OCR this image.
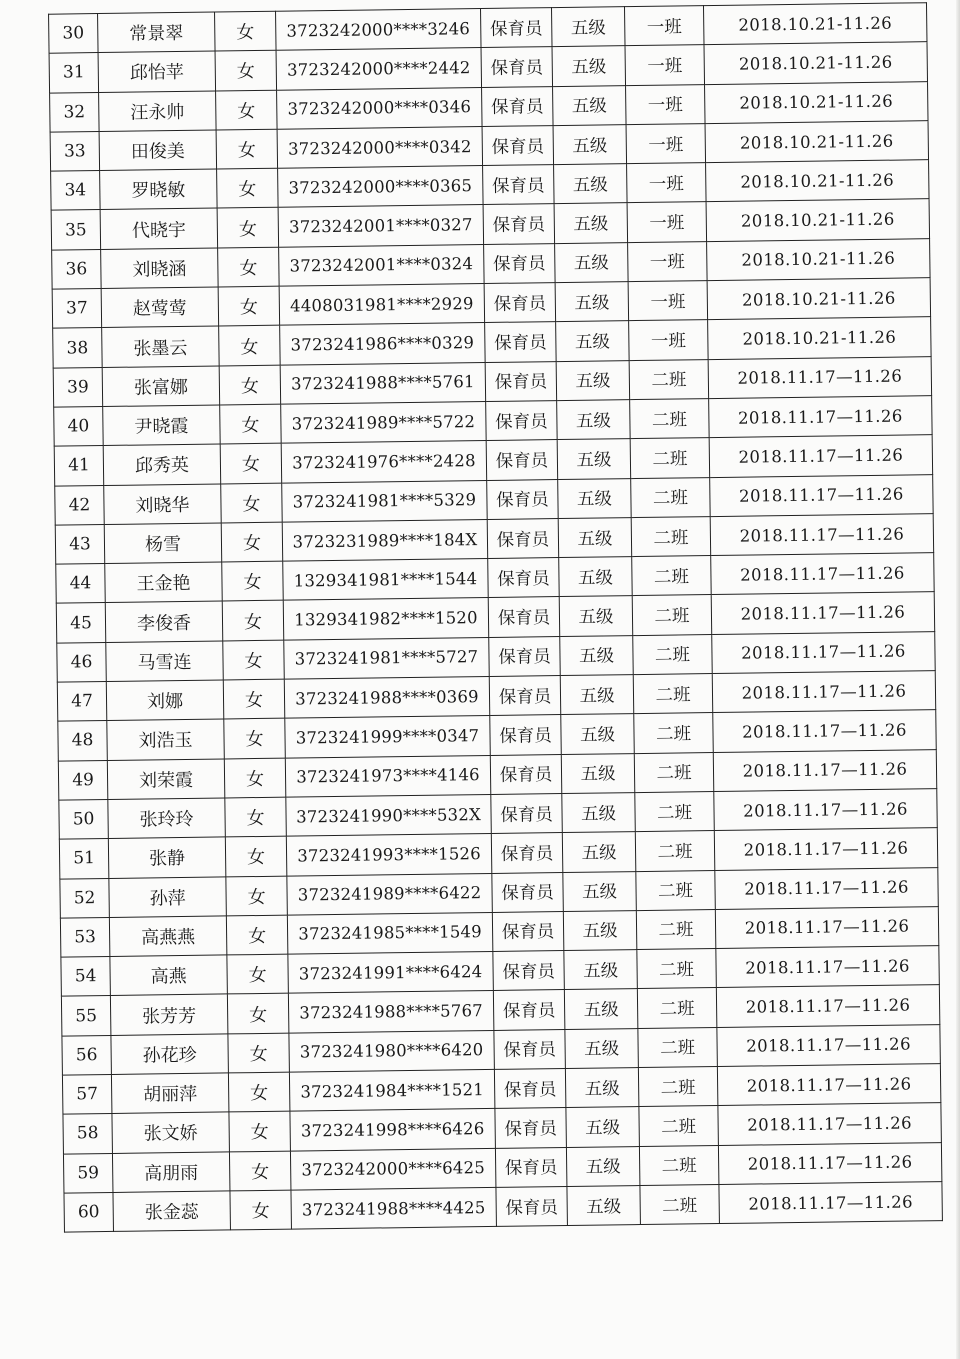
30	常景翠	女	3723242000****3246	保育员	五级	一班	2018.10.21-11.26
31	邱怡苹	女	3723242000****2442	保育员	五级	一班	2018.10.21-11.26
32	汪永帅	女	3723242000****0346	保育员	五级	一班	2018.10.21-11.26
33	田俊美	女	3723242000****0342	保育员	五级	一班	2018.10.21-11.26
34	罗晓敏	女	3723242000****0365	保育员	五级	一班	2018.10.21-11.26
35	代晓宇	女	3723242001****0327	保育员	五级	一班	2018.10.21-11.26
36	刘晓涵	女	3723242001****0324	保育员	五级	一班	2018.10.21-11.26
37	赵莺莺	女	4408031981****2929	保育员	五级	一班	2018.10.21-11.26
38	张墨云	女	3723241986****0329	保育员	五级	一班	2018.10.21-11.26
39	张富娜	女	3723241988****5761	保育员	五级	二班	2018.11.17—11.26
40	尹晓霞	女	3723241989****5722	保育员	五级	二班	2018.11.17—11.26
41	邱秀英	女	3723241976****2428	保育员	五级	二班	2018.11.17—11.26
42	刘晓华	女	3723241981****5329	保育员	五级	二班	2018.11.17—11.26
43	杨雪	女	3723231989****184X	保育员	五级	二班	2018.11.17—11.26
44	王金艳	女	1329341981****1544	保育员	五级	二班	2018.11.17—11.26
45	李俊香	女	1329341982****1520	保育员	五级	二班	2018.11.17—11.26
46	马雪连	女	3723241981****5727	保育员	五级	二班	2018.11.17—11.26
47	刘娜	女	3723241988****0369	保育员	五级	二班	2018.11.17—11.26
48	刘浩玉	女	3723241999****0347	保育员	五级	二班	2018.11.17—11.26
49	刘荣霞	女	3723241973****4146	保育员	五级	二班	2018.11.17—11.26
50	张玲玲	女	3723241990****532X	保育员	五级	二班	2018.11.17—11.26
51	张静	女	3723241993****1526	保育员	五级	二班	2018.11.17—11.26
52	孙萍	女	3723241989****6422	保育员	五级	二班	2018.11.17—11.26
53	高燕燕	女	3723241985****1549	保育员	五级	二班	2018.11.17—11.26
54	高燕	女	3723241991****6424	保育员	五级	二班	2018.11.17—11.26
55	张芳芳	女	3723241988****5767	保育员	五级	二班	2018.11.17—11.26
56	孙花珍	女	3723241980****6420	保育员	五级	二班	2018.11.17—11.26
57	胡丽萍	女	3723241984****1521	保育员	五级	二班	2018.11.17—11.26
58	张文娇	女	3723241998****6426	保育员	五级	二班	2018.11.17—11.26
59	高朋雨	女	3723242000****6425	保育员	五级	二班	2018.11.17—11.26
60	张金蕊	女	3723241988****4425	保育员	五级	二班	2018.11.17—11.26
